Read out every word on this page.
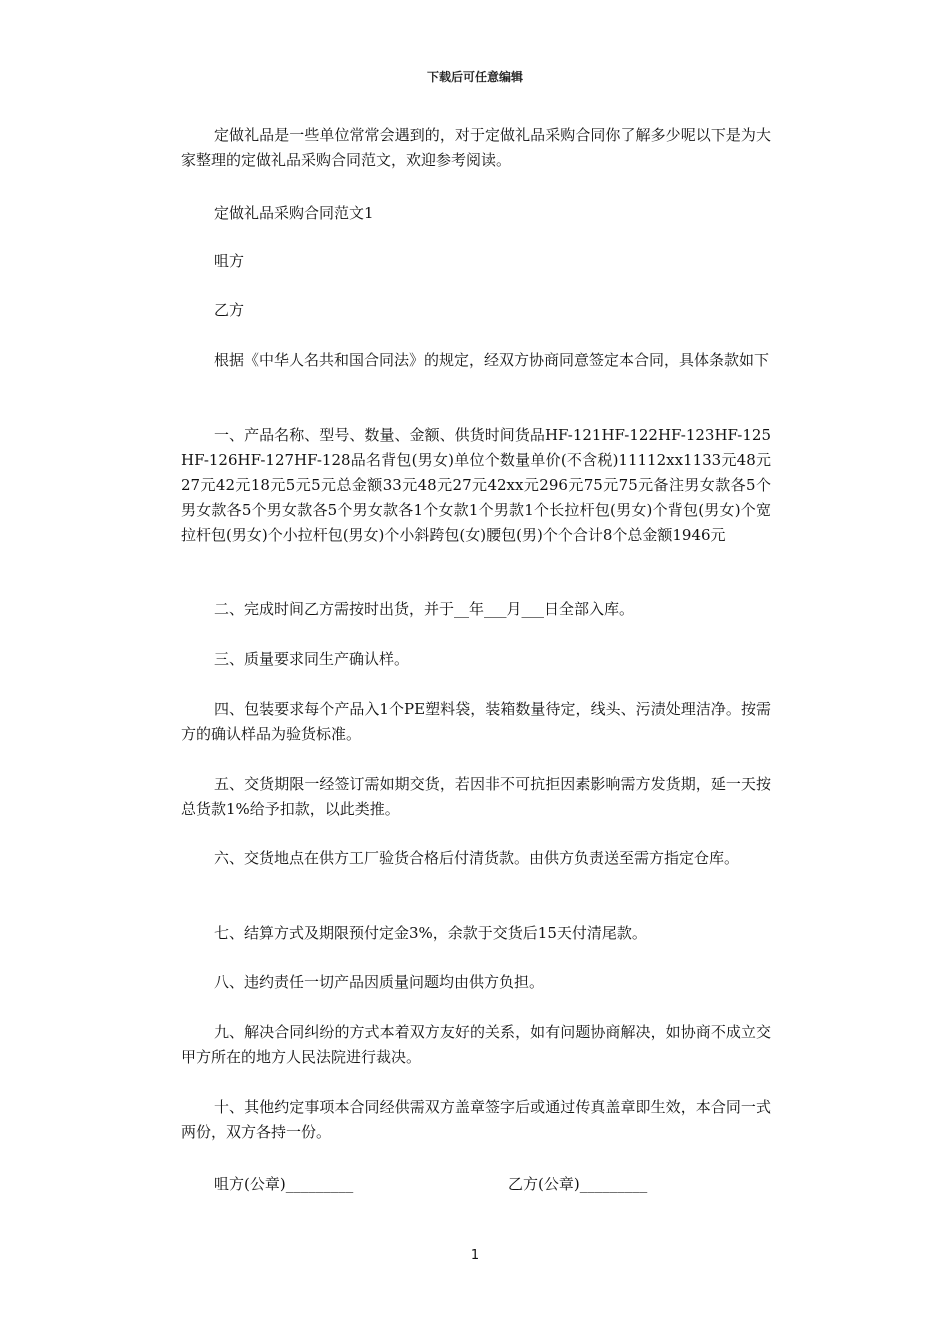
下载后可任意编辑
定做礼品是一些单位常常会遇到的，对于定做礼品采购合同你了解多少呢以下是为大家整理的定做礼品采购合同范文，欢迎参考阅读。
定做礼品采购合同范文1
咀方
乙方
根据《中华人名共和国合同法》的规定，经双方协商同意签定本合同，具体条款如下
一、产品名称、型号、数量、金额、供货时间货品HF-121HF-122HF-123HF-125HF-126HF-127HF-128品名背包(男女)单位个数量单价(不含税)11112xx1133元48元27元42元18元5元5元总金额33元48元27元42xx元296元75元75元备注男女款各5个男女款各5个男女款各5个男女款各1个女款1个男款1个长拉杆包(男女)个背包(男女)个宽拉杆包(男女)个小拉杆包(男女)个小斜跨包(女)腰包(男)个个合计8个总金额1946元
二、完成时间乙方需按时出货，并于__年___月___日全部入库。
三、质量要求同生产确认样。
四、包装要求每个产品入1个PE塑料袋，装箱数量待定，线头、污渍处理洁净。按需方的确认样品为验货标准。
五、交货期限一经签订需如期交货，若因非不可抗拒因素影响需方发货期，延一天按总货款1%给予扣款，以此类推。
六、交货地点在供方工厂验货合格后付清货款。由供方负责送至需方指定仓库。
七、结算方式及期限预付定金3%，余款于交货后15天付清尾款。
八、违约责任一切产品因质量问题均由供方负担。
九、解决合同纠纷的方式本着双方友好的关系，如有问题协商解决，如协商不成立交甲方所在的地方人民法院进行裁决。
十、其他约定事项本合同经供需双方盖章签字后或通过传真盖章即生效，本合同一式两份，双方各持一份。
咀方(公章)_________	乙方(公章)_________
1
